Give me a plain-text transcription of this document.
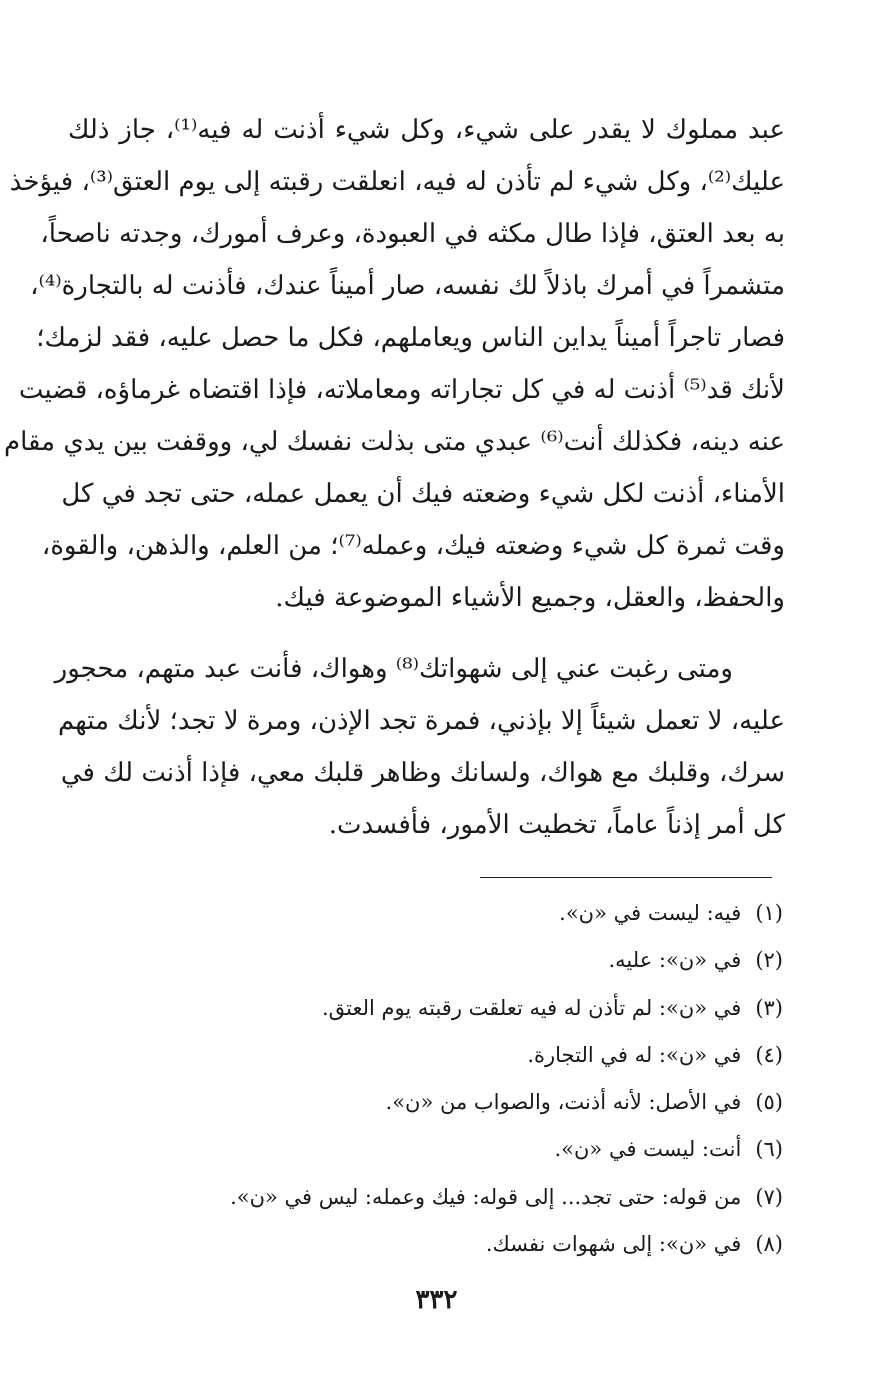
عبد مملوك لا يقدر على شيء، وكل شيء أذنت له فيه⁽¹⁾، جاز ذلك
عليك⁽²⁾، وكل شيء لم تأذن له فيه، انعلقت رقبته إلى يوم العتق⁽³⁾، فيؤخذ
به بعد العتق، فإذا طال مكثه في العبودة، وعرف أمورك، وجدته ناصحاً،
متشمراً في أمرك باذلاً لك نفسه، صار أميناً عندك، فأذنت له بالتجارة⁽⁴⁾،
فصار تاجراً أميناً يداين الناس ويعاملهم، فكل ما حصل عليه، فقد لزمك؛
لأنك قد⁽⁵⁾ أذنت له في كل تجاراته ومعاملاته، فإذا اقتضاه غرماؤه، قضيت
عنه دينه، فكذلك أنت⁽⁶⁾ عبدي متى بذلت نفسك لي، ووقفت بين يدي مقام
الأمناء، أذنت لكل شيء وضعته فيك أن يعمل عمله، حتى تجد في كل
وقت ثمرة كل شيء وضعته فيك، وعمله⁽⁷⁾؛ من العلم، والذهن، والقوة،
والحفظ، والعقل، وجميع الأشياء الموضوعة فيك.
ومتى رغبت عني إلى شهواتك⁽⁸⁾ وهواك، فأنت عبد متهم، محجور
عليه، لا تعمل شيئاً إلا بإذني، فمرة تجد الإذن، ومرة لا تجد؛ لأنك متهم
سرك، وقلبك مع هواك، ولسانك وظاهر قلبك معي، فإذا أذنت لك في
كل أمر إذناً عاماً، تخطيت الأمور، فأفسدت.
(١)فيه: ليست في «ن».
(٢)في «ن»: عليه.
(٣)في «ن»: لم تأذن له فيه تعلقت رقبته يوم العتق.
(٤)في «ن»: له في التجارة.
(٥)في الأصل: لأنه أذنت، والصواب من «ن».
(٦)أنت: ليست في «ن».
(٧)من قوله: حتى تجد... إلى قوله: فيك وعمله: ليس في «ن».
(٨)في «ن»: إلى شهوات نفسك.
٣٣٢
